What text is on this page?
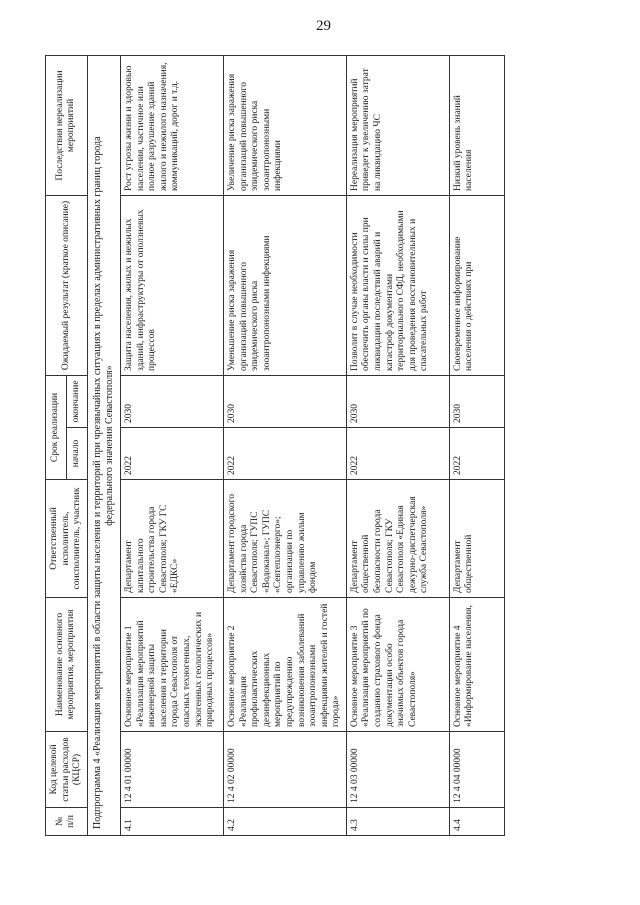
29
№ п/п	Код целевой статьи расходов (КЦСР)	Наименование основного мероприятия, мероприятия	Ответственный исполнитель, соисполнитель, участник	Срок реализации		Ожидаемый результат (краткое описание)	Последствия нереализации мероприятий
				начало	окончание		

Подпрограмма 4 «Реализация мероприятий в области защиты населения и территорий при чрезвычайных ситуациях в пределах административных границ города федерального значения Севастополя»							

4.1	12 4 01 00000	Основное мероприятие 1 «Реализация мероприятий инженерной защиты населения и территории города Севастополя от опасных техногенных, экзогенных геологических и природных процессов»	Департамент капитального строительства города Севастополя; ГКУ ГС «ЕДКС»	2022	2030	Защита населения, жилых и нежилых зданий, инфраструктуры от оползневых процессов	Рост угрозы жизни и здоровью населения, частичное или полное разрушение зданий жилого и нежилого назначения, коммуникаций, дорог и т.д.
4.2	12 4 02 00000	Основное мероприятие 2 «Реализация профилактических дезинфекционных мероприятий по предупреждению возникновения заболеваний зооантропонозными инфекциями жителей и гостей города»	Департамент городского хозяйства города Севастополя; ГУПС «Водоканал»; ГУПС «Севтеплоэнерго»; организации по управлению жилым фондом	2022	2030	Уменьшение риска заражения организаций повышенного эпидемического риска зооантропонозными инфекциями	Увеличение риска заражения организаций повышенного эпидемического риска зооантропонозными инфекциями
4.3	12 4 03 00000	Основное мероприятие 3 «Реализация мероприятий по созданию страхового фонда документации особо значимых объектов города Севастополя»	Департамент общественной безопасности города Севастополя; ГКУ Севастополя «Единая дежурно-диспетчерская служба Севастополя»	2022	2030	Позволит в случае необходимости обеспечить органы власти и силы при ликвидации последствий аварий и катастроф документами территориального СФД, необходимыми для проведения восстановительных и спасательных работ	Нереализация мероприятий приведет к увеличению затрат на ликвидацию ЧС
4.4	12 4 04 00000	Основное мероприятие 4 «Информирование населения,	Департамент общественной	2022	2030	Своевременное информирование населения о действиях при	Низкий уровень знаний населения
